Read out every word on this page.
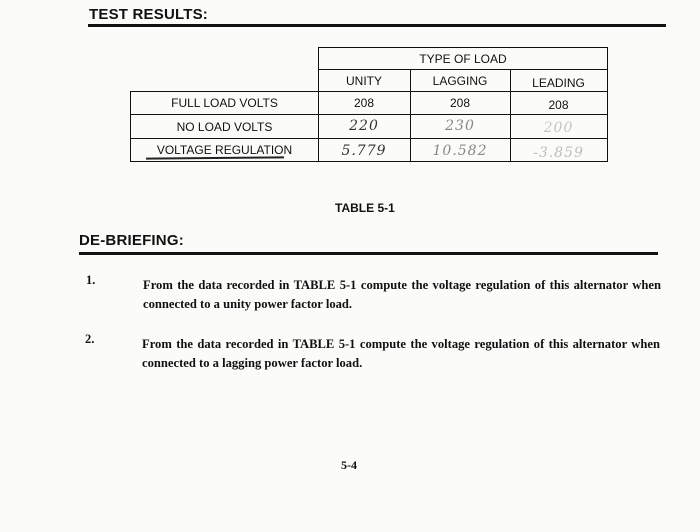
TEST RESULTS:
TYPE OF LOAD
UNITY	LAGGING	LEADING
FULL LOAD VOLTS	208	208	208
NO LOAD VOLTS	220	230	200
VOLTAGE REGULATION	5.779	10.582	-3.859
TABLE 5-1
DE-BRIEFING:
1.	From the data recorded in TABLE 5-1 compute the voltage regulation of this alternator when connected to a unity power factor load.
2.	From the data recorded in TABLE 5-1 compute the voltage regulation of this alternator when connected to a lagging power factor load.
5-4
